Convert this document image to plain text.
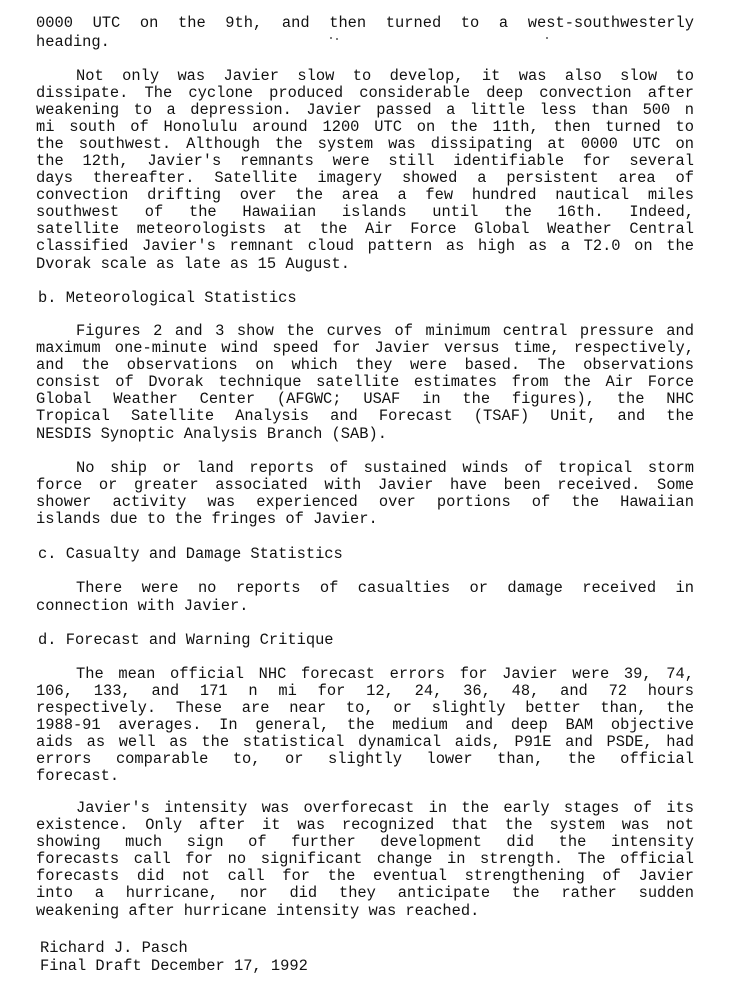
0000 UTC on the 9th, and then turned to a west-southwesterly
heading.
Not only was Javier slow to develop, it was also slow to
dissipate. The cyclone produced considerable deep convection after
weakening to a depression. Javier passed a little less than 500 n
mi south of Honolulu around 1200 UTC on the 11th, then turned to
the southwest. Although the system was dissipating at 0000 UTC on
the 12th, Javier's remnants were still identifiable for several
days thereafter. Satellite imagery showed a persistent area of
convection drifting over the area a few hundred nautical miles
southwest of the Hawaiian islands until the 16th. Indeed,
satellite meteorologists at the Air Force Global Weather Central
classified Javier's remnant cloud pattern as high as a T2.0 on the
Dvorak scale as late as 15 August.
b. Meteorological Statistics
Figures 2 and 3 show the curves of minimum central pressure and
maximum one-minute wind speed for Javier versus time, respectively,
and the observations on which they were based. The observations
consist of Dvorak technique satellite estimates from the Air Force
Global Weather Center (AFGWC; USAF in the figures), the NHC
Tropical Satellite Analysis and Forecast (TSAF) Unit, and the
NESDIS Synoptic Analysis Branch (SAB).
No ship or land reports of sustained winds of tropical storm
force or greater associated with Javier have been received. Some
shower activity was experienced over portions of the Hawaiian
islands due to the fringes of Javier.
c. Casualty and Damage Statistics
There were no reports of casualties or damage received in
connection with Javier.
d. Forecast and Warning Critique
The mean official NHC forecast errors for Javier were 39, 74,
106, 133, and 171 n mi for 12, 24, 36, 48, and 72 hours
respectively. These are near to, or slightly better than, the
1988-91 averages. In general, the medium and deep BAM objective
aids as well as the statistical dynamical aids, P91E and PSDE, had
errors comparable to, or slightly lower than, the official
forecast.
Javier's intensity was overforecast in the early stages of its
existence. Only after it was recognized that the system was not
showing much sign of further development did the intensity
forecasts call for no significant change in strength. The official
forecasts did not call for the eventual strengthening of Javier
into a hurricane, nor did they anticipate the rather sudden
weakening after hurricane intensity was reached.
Richard J. Pasch
Final Draft December 17, 1992
